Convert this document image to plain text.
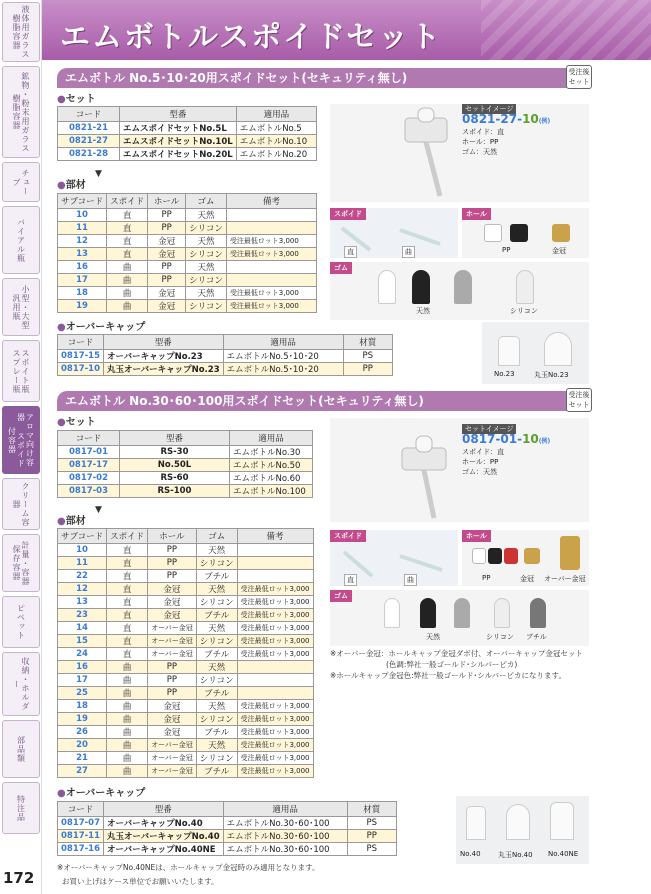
液体用ガラス 樹脂容器
鉱物・粉末用ガラス 樹脂容器
チューブ
バイアル瓶
小型・大型 汎用瓶
スポイト瓶 スプレー瓶
アロマ向け容器 スポイド付容器
クリーム容器
計量・容器 保存容器
ピペット
収納・ホルダー
部品類
特注品
172
エムボトルスポイドセット
エムボトル No.5･10･20用スポイドセット(セキュリティ無し)	受注後 セット
●セット
コード	型番	適用品
0821-21	エムスポイドセットNo.5L	エムボトルNo.5
0821-27	エムスポイドセットNo.10L	エムボトルNo.10
0821-28	エムスポイドセットNo.20L	エムボトルNo.20
▼
●部材
サブコード	スポイド	ホール	ゴム	備考
10	直	PP	天然	
11	直	PP	シリコン	
12	直	金冠	天然	受注最低ロット3,000
13	直	金冠	シリコン	受注最低ロット3,000
16	曲	PP	天然	
17	曲	PP	シリコン	
18	曲	金冠	天然	受注最低ロット3,000
19	曲	金冠	シリコン	受注最低ロット3,000
●オーバーキャップ
コード	型番	適用品	材質
0817-15	オーバーキャップNo.23	エムボトルNo.5･10･20	PS
0817-10	丸玉オーバーキャップNo.23	エムボトルNo.5･10･20	PP
セットイメージ
0821-27-10(例)
スポイド：直
ホール：PP
ゴム：天然
スポイド
直	曲
ホール
PP	金冠
ゴム
天然	シリコン
No.23	丸玉No.23
エムボトル No.30･60･100用スポイドセット(セキュリティ無し)	受注後 セット
●セット
コード	型番	適用品
0817-01	RS-30	エムボトルNo.30
0817-17	No.50L	エムボトルNo.50
0817-02	RS-60	エムボトルNo.60
0817-03	RS-100	エムボトルNo.100
▼
●部材
サブコード	スポイド	ホール	ゴム	備考
10	直	PP	天然	
11	直	PP	シリコン	
22	直	PP	ブチル	
12	直	金冠	天然	受注最低ロット3,000
13	直	金冠	シリコン	受注最低ロット3,000
23	直	金冠	ブチル	受注最低ロット3,000
14	直	オーバー金冠	天然	受注最低ロット3,000
15	直	オーバー金冠	シリコン	受注最低ロット3,000
24	直	オーバー金冠	ブチル	受注最低ロット3,000
16	曲	PP	天然	
17	曲	PP	シリコン	
25	曲	PP	ブチル	
18	曲	金冠	天然	受注最低ロット3,000
19	曲	金冠	シリコン	受注最低ロット3,000
26	曲	金冠	ブチル	受注最低ロット3,000
20	曲	オーバー金冠	天然	受注最低ロット3,000
21	曲	オーバー金冠	シリコン	受注最低ロット3,000
27	曲	オーバー金冠	ブチル	受注最低ロット3,000
●オーバーキャップ
コード	型番	適用品	材質
0817-07	オーバーキャップNo.40	エムボトルNo.30･60･100	PS
0817-11	丸玉オーバーキャップNo.40	エムボトルNo.30･60･100	PP
0817-16	オーバーキャップNo.40NE	エムボトルNo.30･60･100	PS
セットイメージ
0817-01-10(例)
スポイド：直
ホール：PP
ゴム：天然
スポイド
直	曲
ホール
PP	金冠 オーバー金冠
ゴム
天然	シリコン ブチル
※オーバー金冠：ホールキャップ金冠ダボ付、オーバーキャップ金冠セット
(色調:弊社一般ゴールド･シルバーピカ)
※ホールキャップ金冠色:弊社一般ゴールド･シルバーピカになります。
No.40 丸玉No.40 No.40NE
※オーバーキャップNo.40NEは、ホールキャップ金冠時のみ適用となります。
お買い上げはケース単位でお願いいたします。
